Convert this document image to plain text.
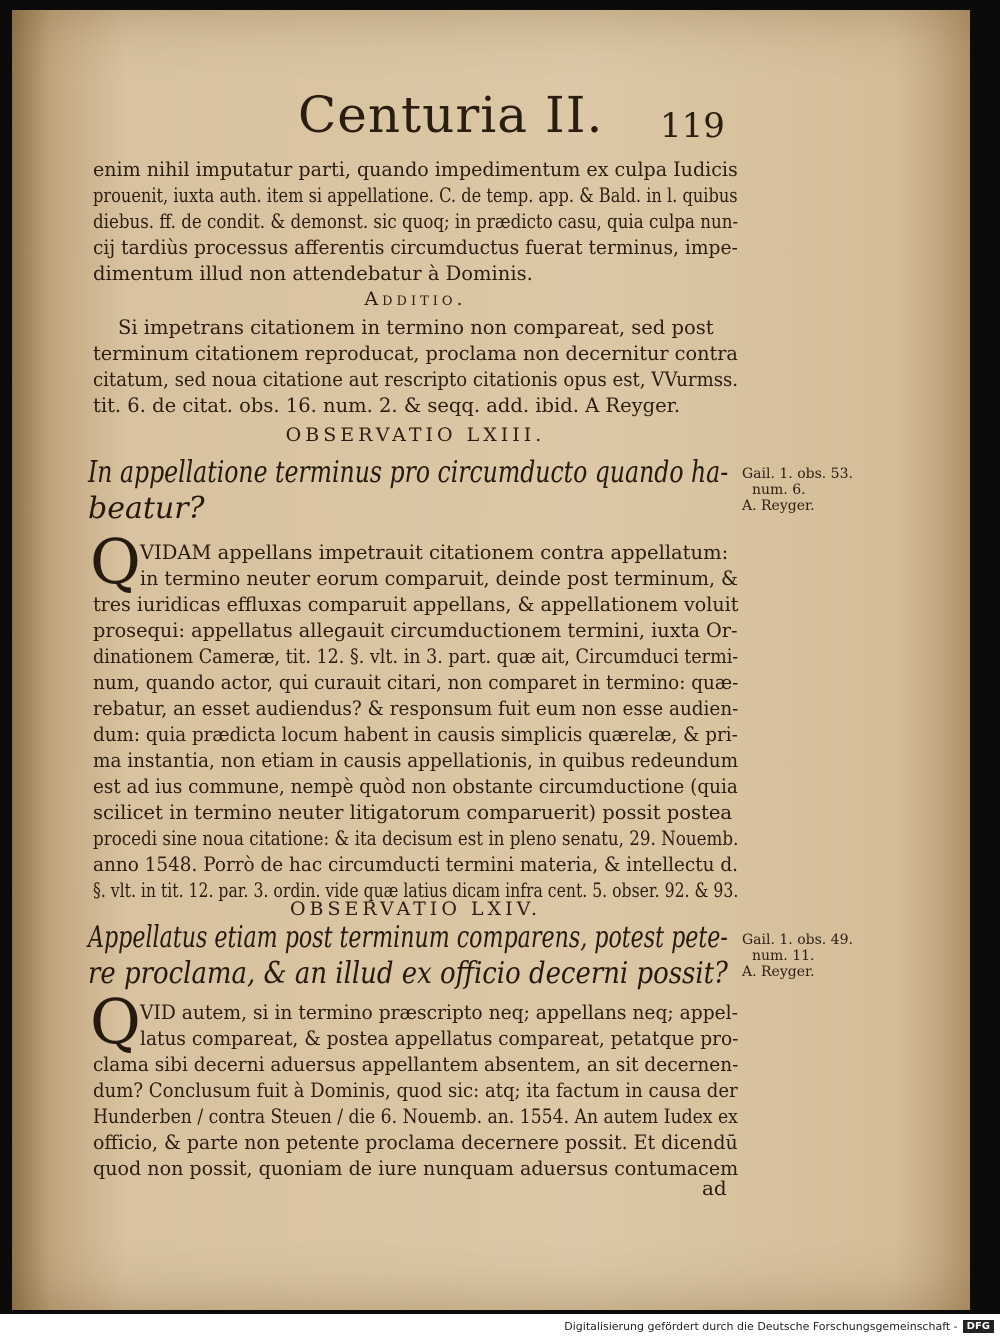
Centuria II. 119
enim nihil imputatur parti, quando impedimentum ex culpa Iudicis
prouenit, iuxta auth. item si appellatione. C. de temp. app. & Bald. in l. quibus
diebus. ff. de condit. & demonst. sic quoq; in prædicto casu, quia culpa nun-
cij tardiùs processus afferentis circumductus fuerat terminus, impe-
dimentum illud non attendebatur à Dominis.
Additio.
Si impetrans citationem in termino non compareat, sed post
terminum citationem reproducat, proclama non decernitur contra
citatum, sed noua citatione aut rescripto citationis opus est, VVurmss.
tit. 6. de citat. obs. 16. num. 2. & seqq. add. ibid. A Reyger.
OBSERVATIO LXIII.
In appellatione terminus pro circumducto quando ha-
beatur?
Gail. 1. obs. 53.
num. 6.
A. Reyger.
Q VIDAM appellans impetrauit citationem contra appellatum:
in termino neuter eorum comparuit, deinde post terminum, &
tres iuridicas effluxas comparuit appellans, & appellationem voluit
prosequi: appellatus allegauit circumductionem termini, iuxta Or-
dinationem Cameræ, tit. 12. §. vlt. in 3. part. quæ ait, Circumduci termi-
num, quando actor, qui curauit citari, non comparet in termino: quæ-
rebatur, an esset audiendus? & responsum fuit eum non esse audien-
dum: quia prædicta locum habent in causis simplicis quærelæ, & pri-
ma instantia, non etiam in causis appellationis, in quibus redeundum
est ad ius commune, nempè quòd non obstante circumductione (quia
scilicet in termino neuter litigatorum comparuerit) possit postea
procedi sine noua citatione: & ita decisum est in pleno senatu, 29. Nouemb.
anno 1548. Porrò de hac circumducti termini materia, & intellectu d.
§. vlt. in tit. 12. par. 3. ordin. vide quæ latius dicam infra cent. 5. obser. 92. & 93.
OBSERVATIO LXIV.
Appellatus etiam post terminum comparens, potest pete-
re proclama, & an illud ex officio decerni possit?
Gail. 1. obs. 49.
num. 11.
A. Reyger.
Q VID autem, si in termino præscripto neq; appellans neq; appel-
latus compareat, & postea appellatus compareat, petatque pro-
clama sibi decerni aduersus appellantem absentem, an sit decernen-
dum? Conclusum fuit à Dominis, quod sic: atq; ita factum in causa der
Hunderben / contra Steuen / die 6. Nouemb. an. 1554. An autem Iudex ex
officio, & parte non petente proclama decernere possit. Et dicendū
quod non possit, quoniam de iure nunquam aduersus contumacem
ad
Digitalisierung gefördert durch die Deutsche Forschungsgemeinschaft - DFG
